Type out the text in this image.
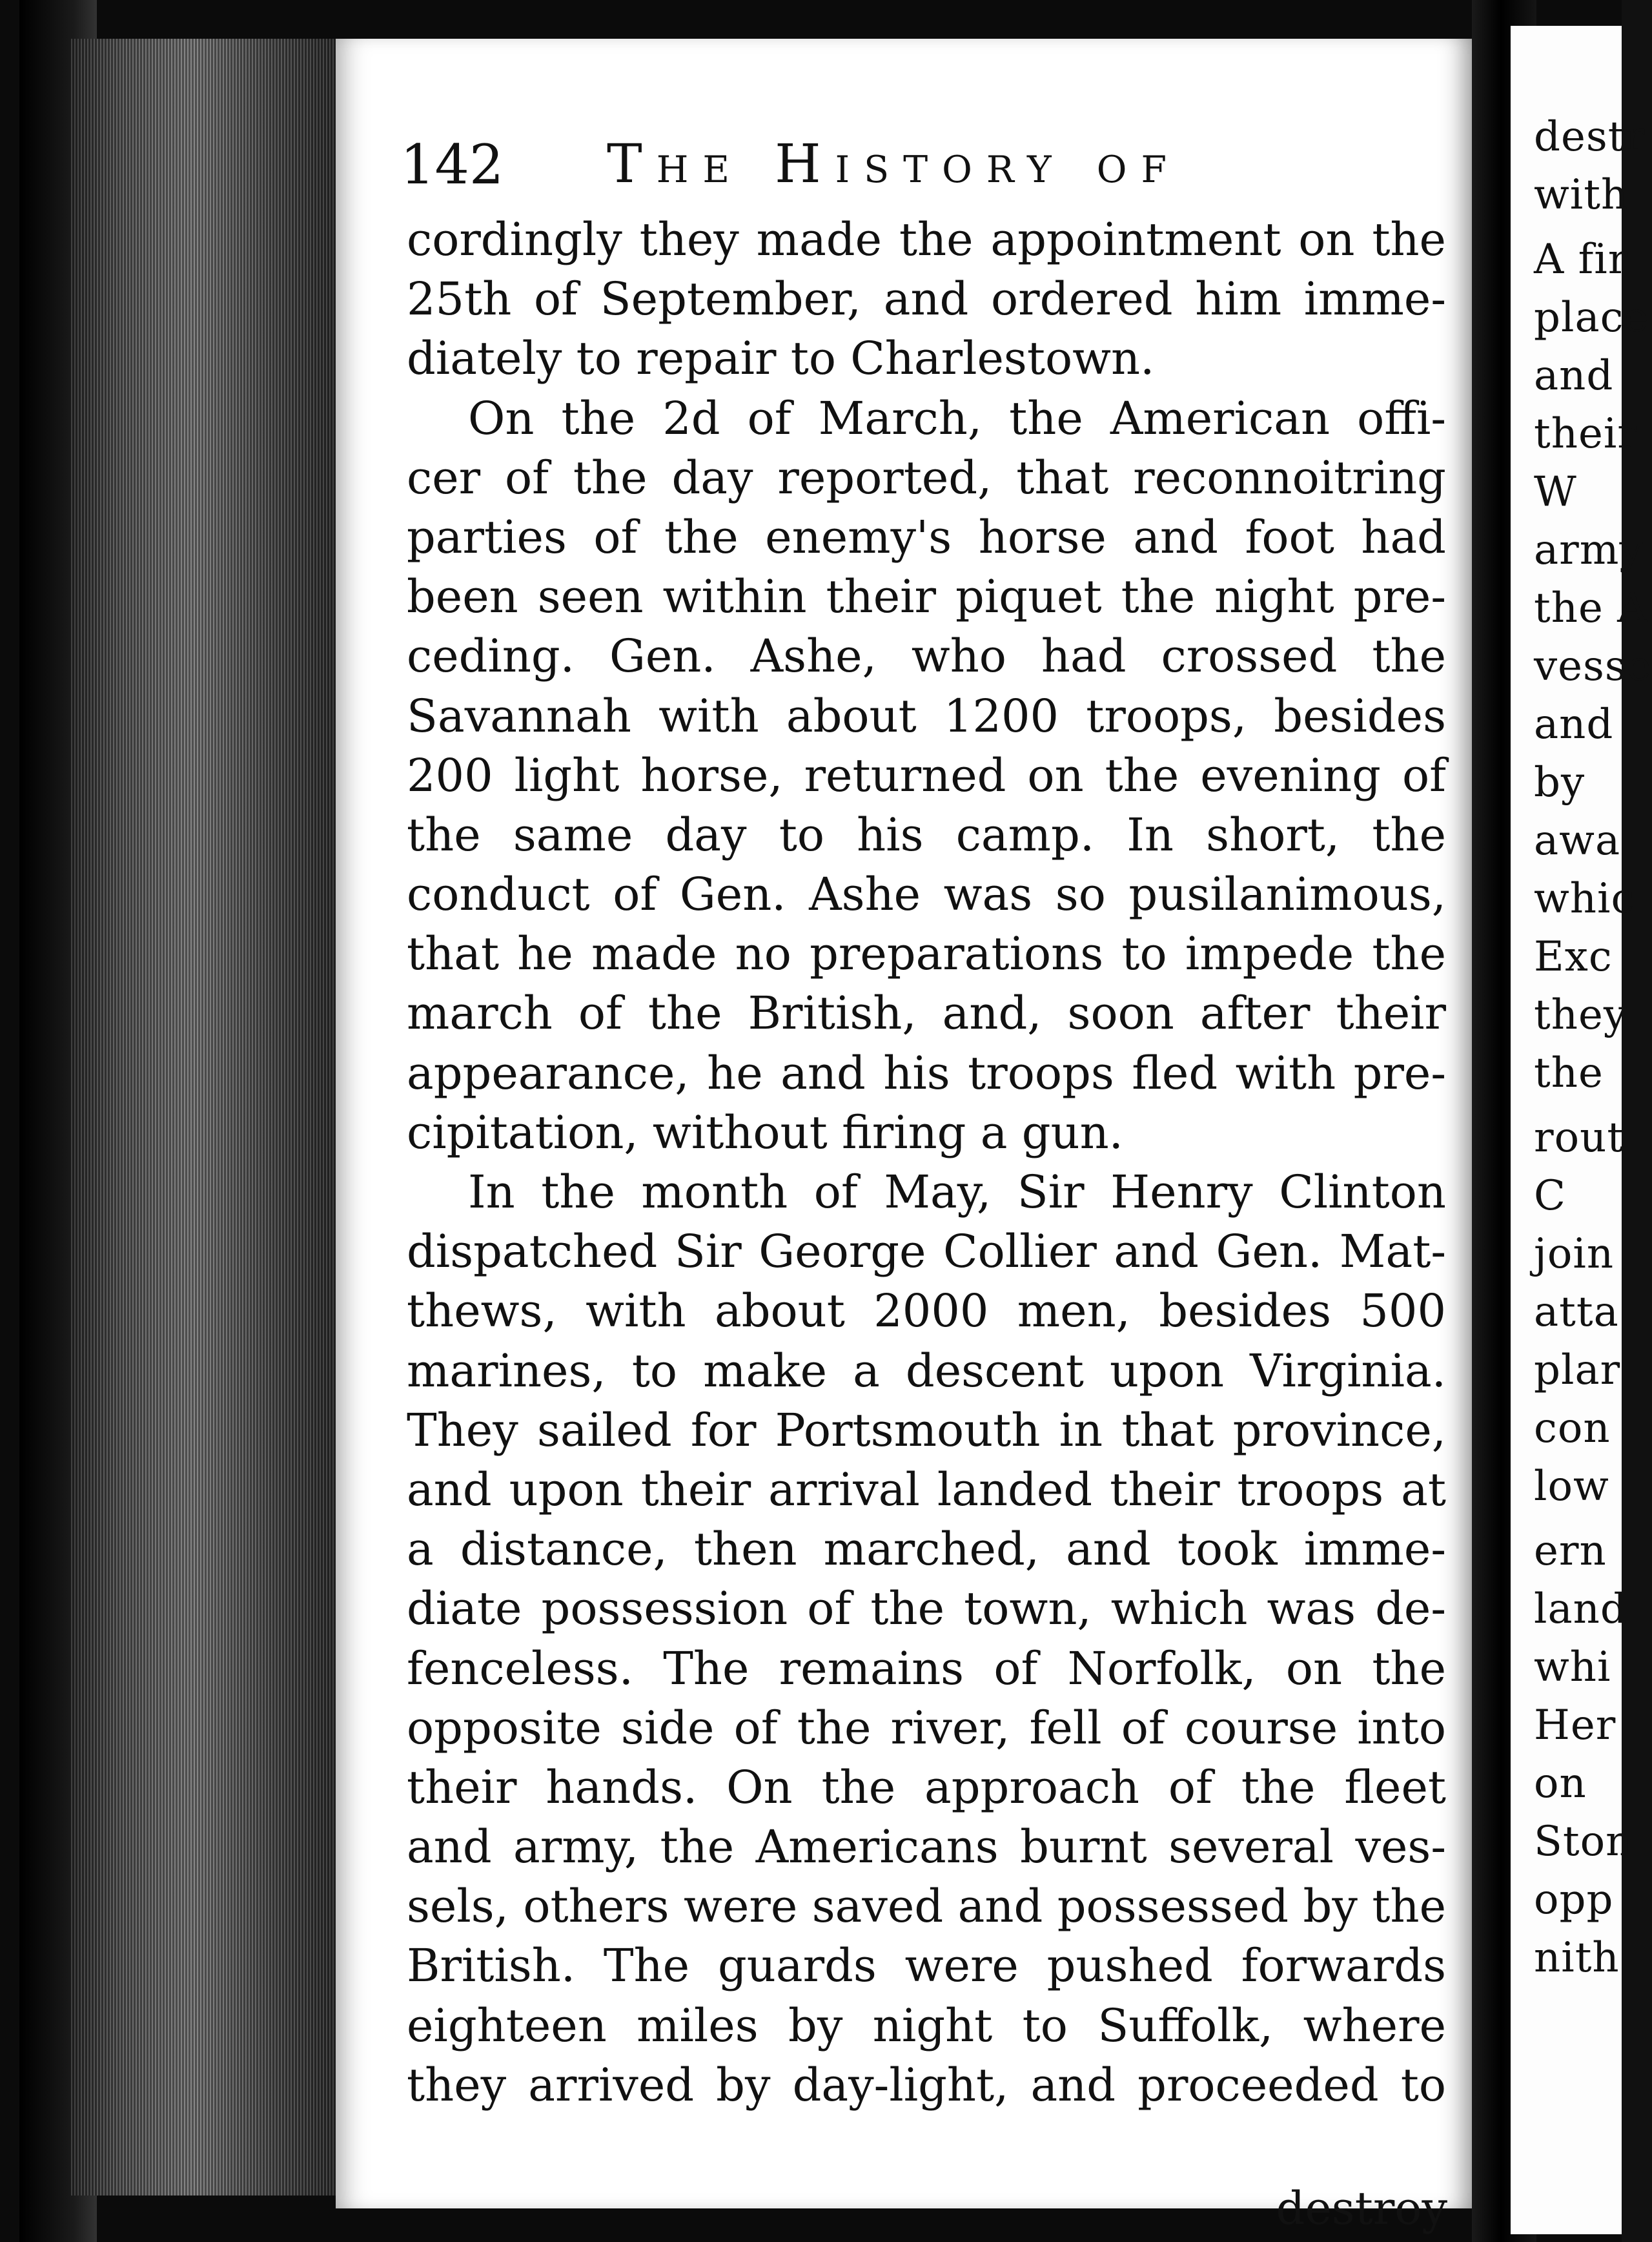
142 The History of
cordingly they made the appointment on the
25th of September, and ordered him imme-
diately to repair to Charlestown.
On the 2d of March, the American offi-
cer of the day reported, that reconnoitring
parties of the enemy's horse and foot had
been seen within their piquet the night pre-
ceding. Gen. Ashe, who had crossed the
Savannah with about 1200 troops, besides
200 light horse, returned on the evening of
the same day to his camp. In short, the
conduct of Gen. Ashe was so pusilanimous,
that he made no preparations to impede the
march of the British, and, soon after their
appearance, he and his troops fled with pre-
cipitation, without firing a gun.
In the month of May, Sir Henry Clinton
dispatched Sir George Collier and Gen. Mat-
thews, with about 2000 men, besides 500
marines, to make a descent upon Virginia.
They sailed for Portsmouth in that province,
and upon their arrival landed their troops at
a distance, then marched, and took imme-
diate possession of the town, which was de-
fenceless. The remains of Norfolk, on the
opposite side of the river, fell of course into
their hands. On the approach of the fleet
and army, the Americans burnt several ves-
sels, others were saved and possessed by the
British. The guards were pushed forwards
eighteen miles by night to Suffolk, where
they arrived by day-light, and proceeded to
destroy
destr
with
A fir
place
and
their
W
army
the A
vesse
and
by
awa
whic
Exc
they
the
rout
C
join
atta
plar
con
low
ern
land
whi
Her
on
Ston
opp
nith
